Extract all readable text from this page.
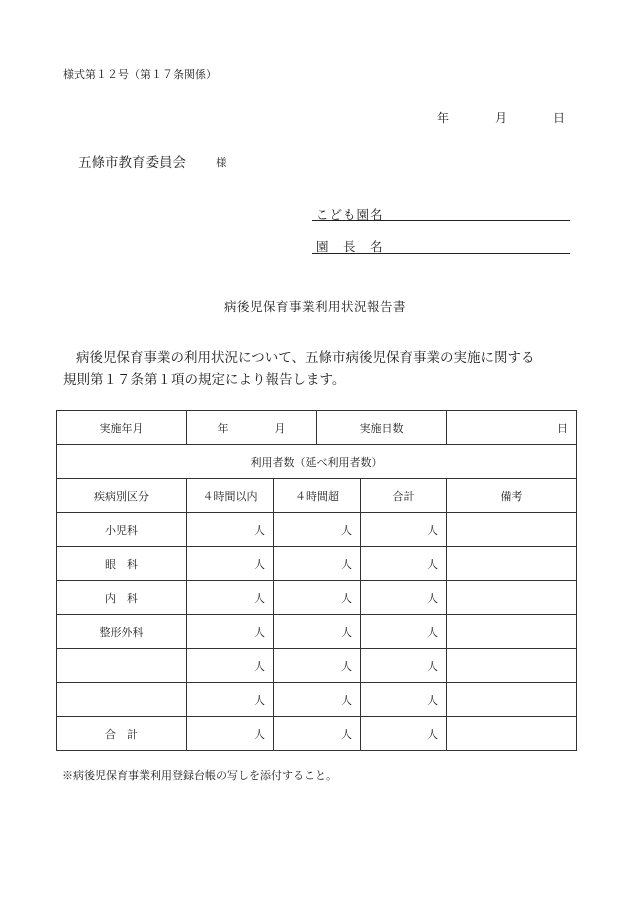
様式第１２号（第１７条関係）
年	月	日
五條市教育委員会	様
こども園名
園　長　名
病後児保育事業利用状況報告書

病後児保育事業の利用状況について、五條市病後児保育事業の実施に関する

規則第１７条第１項の規定により報告します。

実施年月	年 月		実施日数		日
利用者数（延べ利用者数）					
疾病別区分	４時間以内	４時間超		合計	備考
小児科	人	人		人	
眼　科	人	人		人	
内　科	人	人		人	
整形外科	人	人		人	
	人	人		人	
	人	人		人	
合　計	人	人		人	
※病後児保育事業利用登録台帳の写しを添付すること。
